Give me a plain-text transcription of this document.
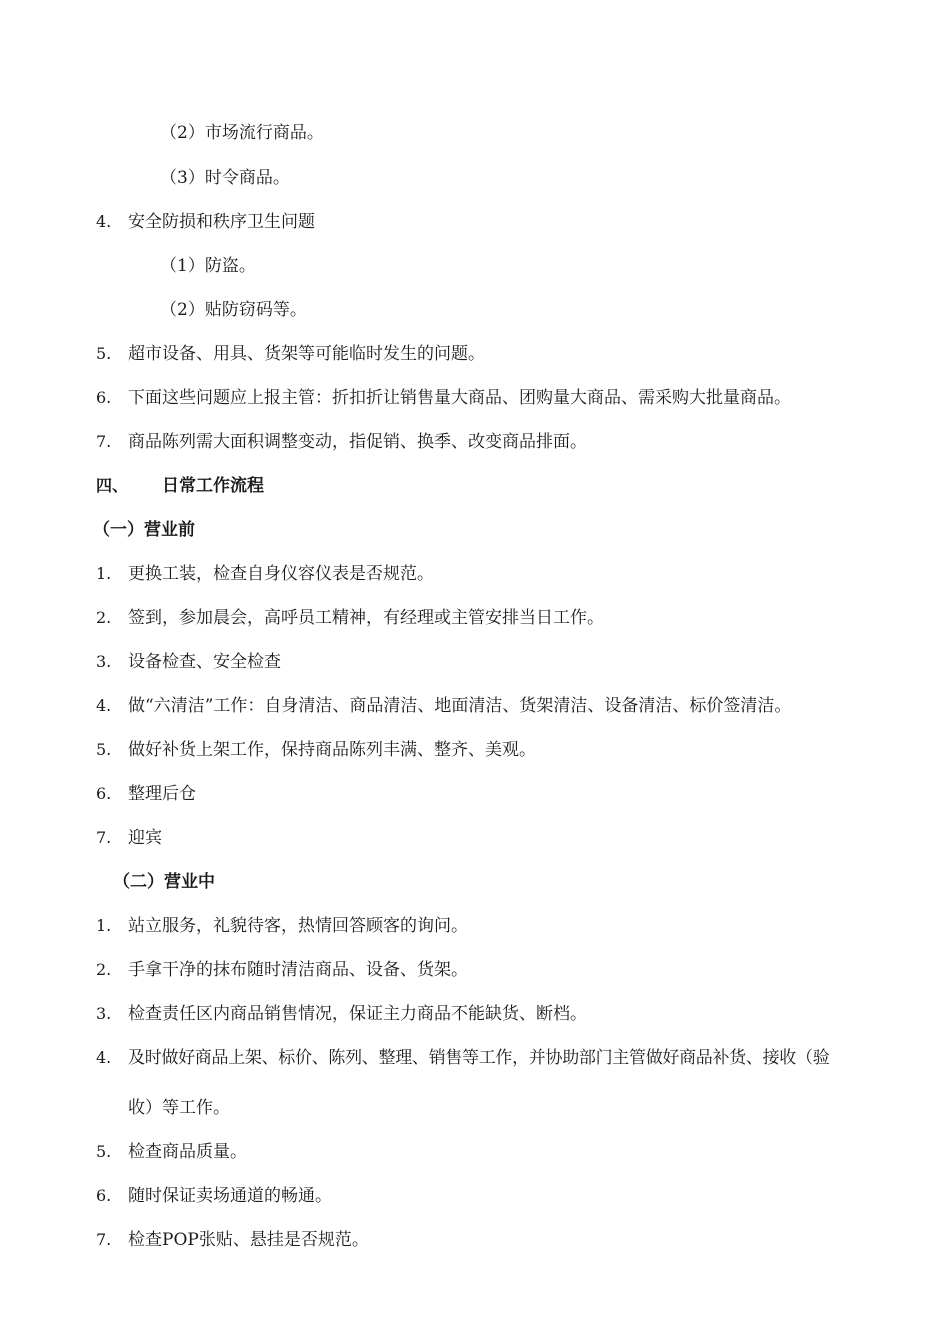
（2）市场流行商品。
（3）时令商品。
4. 安全防损和秩序卫生问题
（1）防盗。
（2）贴防窃码等。
5. 超市设备、用具、货架等可能临时发生的问题。
6. 下面这些问题应上报主管：折扣折让销售量大商品、团购量大商品、需采购大批量商品。
7. 商品陈列需大面积调整变动，指促销、换季、改变商品排面。
四、 日常工作流程
（一）营业前
1. 更换工装，检查自身仪容仪表是否规范。
2. 签到，参加晨会，高呼员工精神，有经理或主管安排当日工作。
3. 设备检查、安全检查
4. 做“六清洁”工作：自身清洁、商品清洁、地面清洁、货架清洁、设备清洁、标价签清洁。
5. 做好补货上架工作，保持商品陈列丰满、整齐、美观。
6. 整理后仓
7. 迎宾
（二）营业中
1. 站立服务，礼貌待客，热情回答顾客的询问。
2. 手拿干净的抹布随时清洁商品、设备、货架。
3. 检查责任区内商品销售情况，保证主力商品不能缺货、断档。
4. 及时做好商品上架、标价、陈列、整理、销售等工作，并协助部门主管做好商品补货、接收（验
收）等工作。
5. 检查商品质量。
6. 随时保证卖场通道的畅通。
7. 检查POP张贴、悬挂是否规范。
